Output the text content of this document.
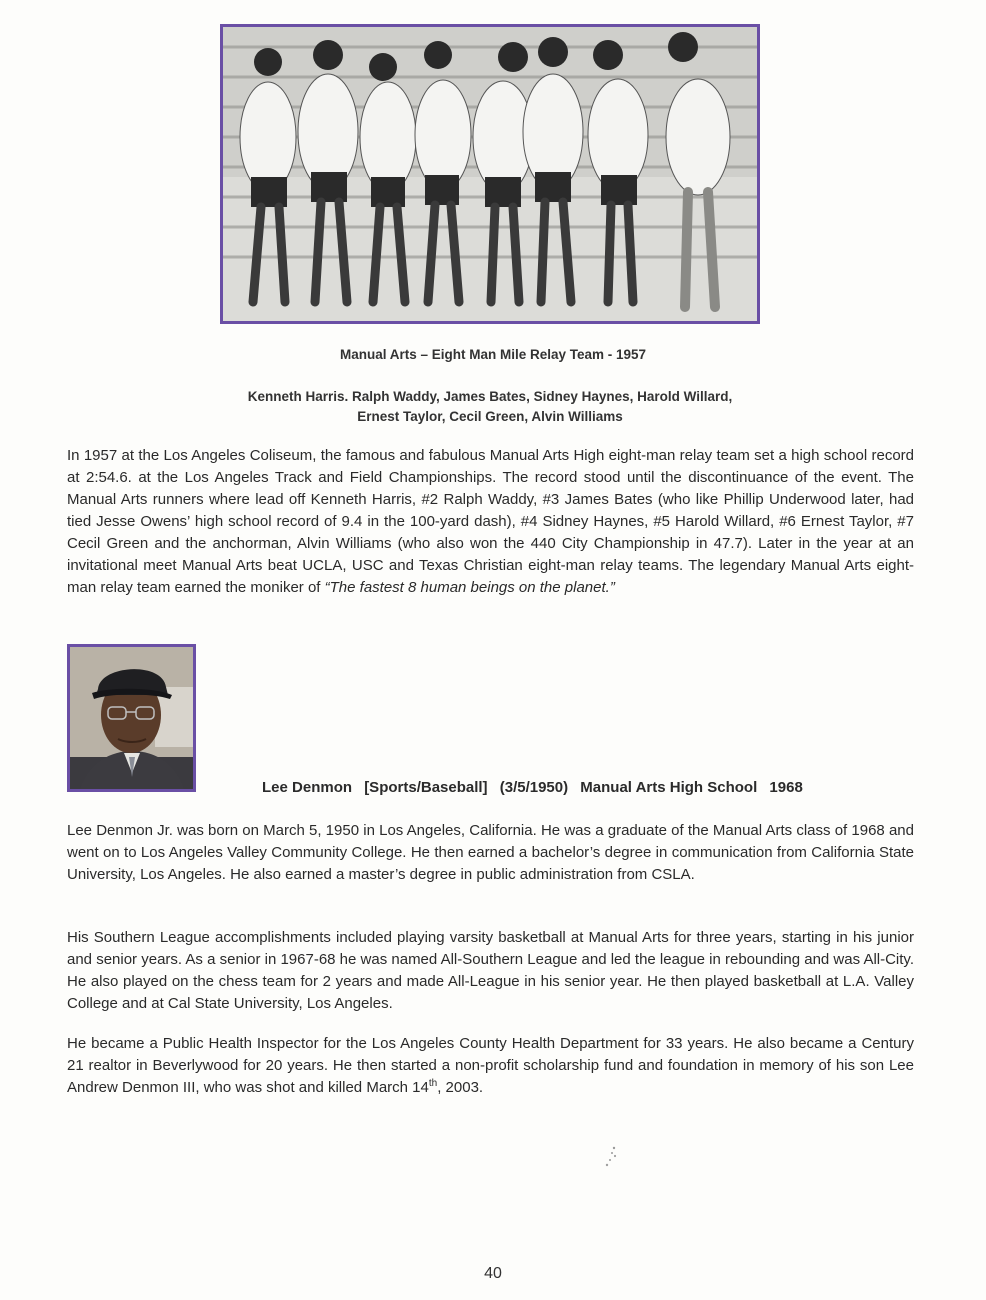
Manual Arts – Eight Man Mile Relay Team - 1957
Kenneth Harris. Ralph Waddy, James Bates, Sidney Haynes, Harold Willard,
Ernest Taylor, Cecil Green, Alvin Williams

In 1957 at the Los Angeles Coliseum, the famous and fabulous Manual Arts High eight-man relay team set a high school record at 2:54.6. at the Los Angeles Track and Field Championships. The record stood until the discontinuance of the event. The Manual Arts runners where lead off Kenneth Harris, #2 Ralph Waddy, #3 James Bates (who like Phillip Underwood later, had tied Jesse Owens’ high school record of 9.4 in the 100-yard dash), #4 Sidney Haynes, #5 Harold Willard, #6 Ernest Taylor, #7 Cecil Green and the anchorman, Alvin Williams (who also won the 440 City Championship in 47.7). Later in the year at an invitational meet Manual Arts beat UCLA, USC and Texas Christian eight-man relay teams. The legendary Manual Arts eight-man relay team earned the moniker of “The fastest 8 human beings on the planet.”

Lee Denmon [Sports/Baseball] (3/5/1950) Manual Arts High School 1968

Lee Denmon Jr. was born on March 5, 1950 in Los Angeles, California. He was a graduate of the Manual Arts class of 1968 and went on to Los Angeles Valley Community College. He then earned a bachelor’s degree in communication from California State University, Los Angeles. He also earned a master’s degree in public administration from CSLA.

His Southern League accomplishments included playing varsity basketball at Manual Arts for three years, starting in his junior and senior years. As a senior in 1967-68 he was named All-Southern League and led the league in rebounding and was All-City. He also played on the chess team for 2 years and made All-League in his senior year. He then played basketball at L.A. Valley College and at Cal State University, Los Angeles.

He became a Public Health Inspector for the Los Angeles County Health Department for 33 years. He also became a Century 21 realtor in Beverlywood for 20 years. He then started a non-profit scholarship fund and foundation in memory of his son Lee Andrew Denmon III, who was shot and killed March 14th, 2003.

40
